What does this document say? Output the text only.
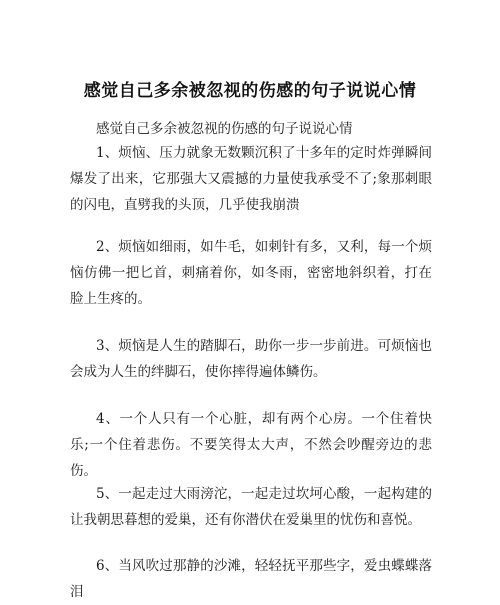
感觉自己多余被忽视的伤感的句子说说心情
感觉自己多余被忽视的伤感的句子说说心情
1、烦恼、压力就象无数颗沉积了十多年的定时炸弹瞬间爆发了出来，它那强大又震撼的力量使我承受不了;象那刺眼的闪电，直劈我的头顶，几乎使我崩溃
2、烦恼如细雨，如牛毛，如刺针有多，又利，每一个烦恼仿佛一把匕首，刺痛着你，如冬雨，密密地斜织着，打在脸上生疼的。
3、烦恼是人生的踏脚石，助你一步一步前进。可烦恼也会成为人生的绊脚石，使你摔得遍体鳞伤。
4、一个人只有一个心脏，却有两个心房。一个住着快乐;一个住着悲伤。不要笑得太大声，不然会吵醒旁边的悲伤。
5、一起走过大雨滂沱，一起走过坎坷心酸，一起构建的让我朝思暮想的爱巢，还有你潜伏在爱巢里的忧伤和喜悦。
6、当风吹过那静的沙滩，轻轻抚平那些字，爱虫蝶蝶落泪
